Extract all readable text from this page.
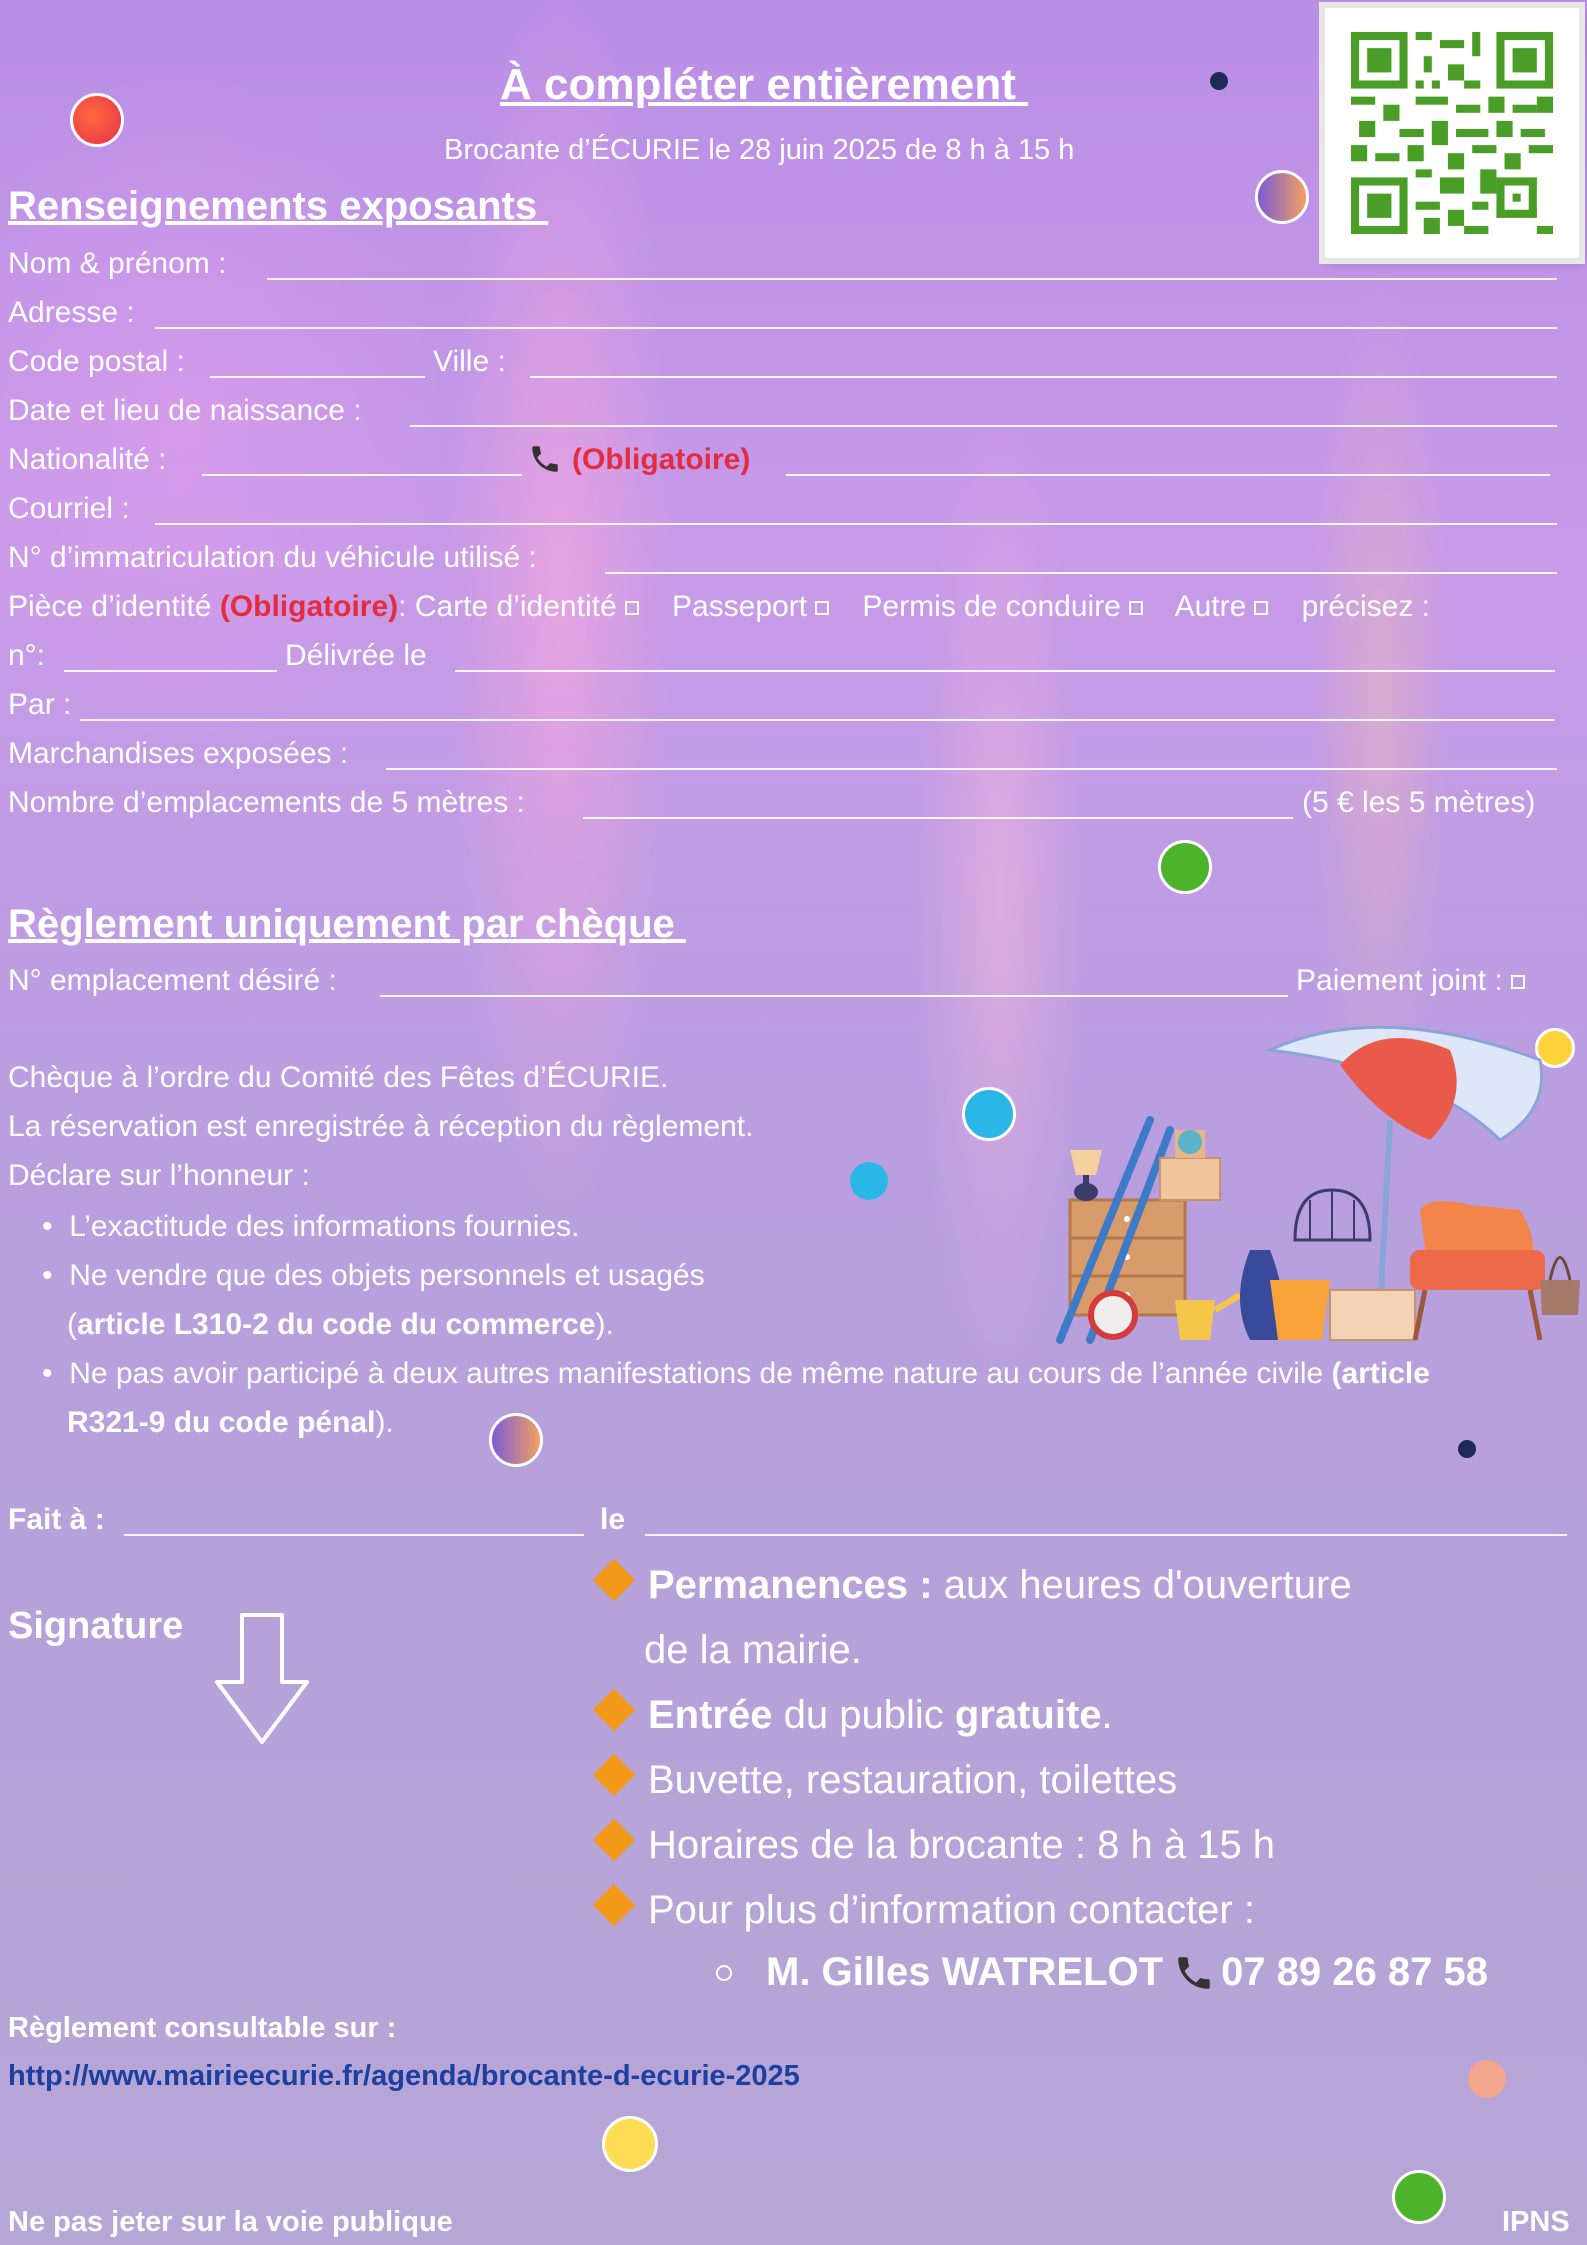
À compléter entièrement
Brocante d’ÉCURIE le 28 juin 2025 de 8 h à 15 h
Renseignements exposants
Nom & prénom :
Adresse :
Code postal :	Ville :
Date et lieu de naissance :
Nationalité :	(Obligatoire)
Courriel :
N° d’immatriculation du véhicule utilisé :
Pièce d’identité (Obligatoire): Carte d’identité Passeport Permis de conduire Autre précisez :
n°:	Délivrée le
Par :
Marchandises exposées :
Nombre d’emplacements de 5 mètres :	(5 € les 5 mètres)
Règlement uniquement par chèque
N° emplacement désiré :	Paiement joint :
Chèque à l’ordre du Comité des Fêtes d’ÉCURIE.
La réservation est enregistrée à réception du règlement.
Déclare sur l’honneur :
•  L’exactitude des informations fournies.
•  Ne vendre que des objets personnels et usagés
(article L310-2 du code du commerce).
•  Ne pas avoir participé à deux autres manifestations de même nature au cours de l’année civile (article
R321-9 du code pénal).
Fait à :	le
Signature
Permanences : aux heures d'ouverture
de la mairie.
Entrée du public gratuite.
Buvette, restauration, toilettes
Horaires de la brocante : 8 h à 15 h
Pour plus d’information contacter :
M. Gilles WATRELOT 07 89 26 87 58
Règlement consultable sur :
http://www.mairieecurie.fr/agenda/brocante-d-ecurie-2025
Ne pas jeter sur la voie publique	IPNS
